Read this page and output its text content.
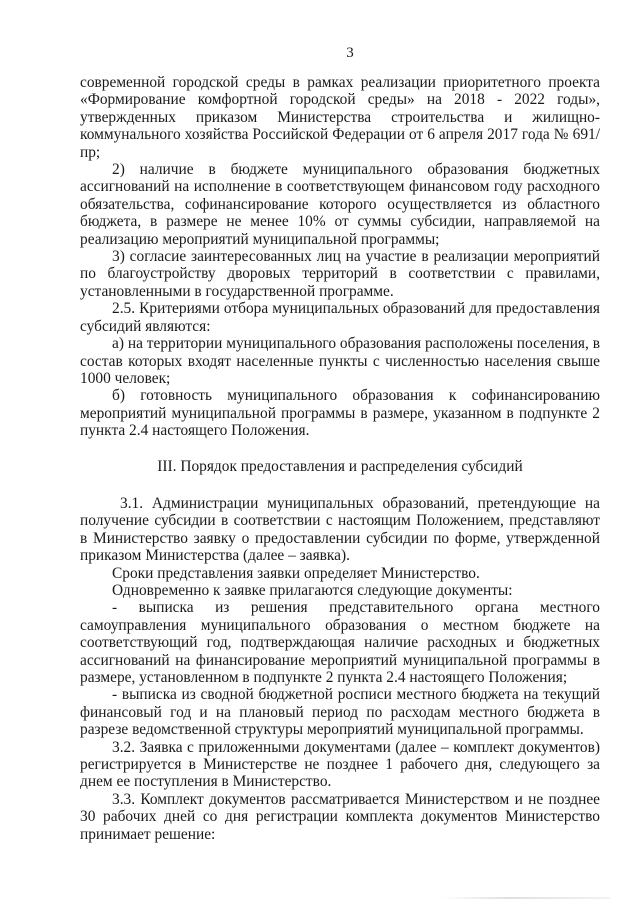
3

современной городской среды в рамках реализации приоритетного проекта «Формирование комфортной городской среды» на 2018 - 2022 годы», утвержденных приказом Министерства строительства и жилищно-коммунального хозяйства Российской Федерации от 6 апреля 2017 года № 691/пр;

2) наличие в бюджете муниципального образования бюджетных ассигнований на исполнение в соответствующем финансовом году расходного обязательства, софинансирование которого осуществляется из областного бюджета, в размере не менее 10% от суммы субсидии, направляемой на реализацию мероприятий муниципальной программы;

3) согласие заинтересованных лиц на участие в реализации мероприятий по благоустройству дворовых территорий в соответствии с правилами, установленными в государственной программе.

2.5. Критериями отбора муниципальных образований для предоставления субсидий являются:

а) на территории муниципального образования расположены поселения, в состав которых входят населенные пункты с численностью населения свыше 1000 человек;

б) готовность муниципального образования к софинансированию мероприятий муниципальной программы в размере, указанном в подпункте 2 пункта 2.4 настоящего Положения.

III. Порядок предоставления и распределения субсидий

3.1. Администрации муниципальных образований, претендующие на получение субсидии в соответствии с настоящим Положением, представляют в Министерство заявку о предоставлении субсидии по форме, утвержденной приказом Министерства (далее – заявка).

Сроки представления заявки определяет Министерство.

Одновременно к заявке прилагаются следующие документы:

- выписка из решения представительного органа местного самоуправления муниципального образования о местном бюджете на соответствующий год, подтверждающая наличие расходных и бюджетных ассигнований на финансирование мероприятий муниципальной программы в размере, установленном в подпункте 2 пункта 2.4 настоящего Положения;

- выписка из сводной бюджетной росписи местного бюджета на текущий финансовый год и на плановый период по расходам местного бюджета в разрезе ведомственной структуры мероприятий муниципальной программы.

3.2. Заявка с приложенными документами (далее – комплект документов) регистрируется в Министерстве не позднее 1 рабочего дня, следующего за днем ее поступления в Министерство.

3.3. Комплект документов рассматривается Министерством и не позднее 30 рабочих дней со дня регистрации комплекта документов Министерство принимает решение:
